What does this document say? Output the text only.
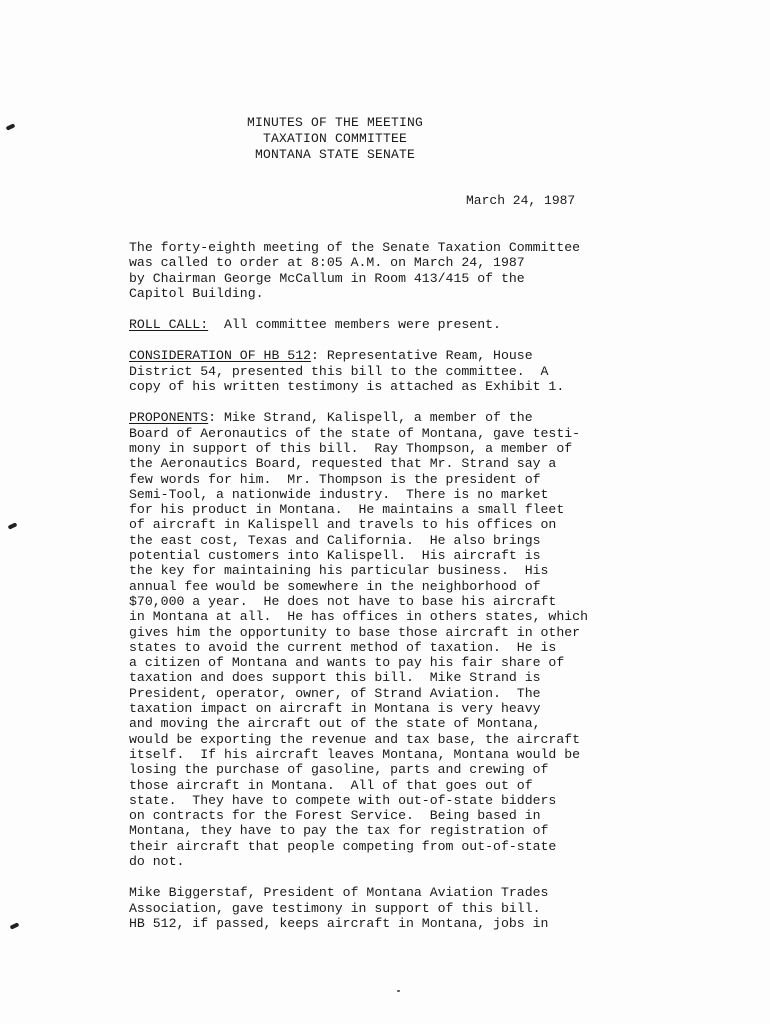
MINUTES OF THE MEETING
TAXATION COMMITTEE
MONTANA STATE SENATE
March 24, 1987
The forty-eighth meeting of the Senate Taxation Committee
was called to order at 8:05 A.M. on March 24, 1987
by Chairman George McCallum in Room 413/415 of the
Capitol Building.
ROLL CALL:  All committee members were present.
CONSIDERATION OF HB 512: Representative Ream, House
District 54, presented this bill to the committee.  A
copy of his written testimony is attached as Exhibit 1.
PROPONENTS: Mike Strand, Kalispell, a member of the
Board of Aeronautics of the state of Montana, gave testi-
mony in support of this bill.  Ray Thompson, a member of
the Aeronautics Board, requested that Mr. Strand say a
few words for him.  Mr. Thompson is the president of
Semi-Tool, a nationwide industry.  There is no market
for his product in Montana.  He maintains a small fleet
of aircraft in Kalispell and travels to his offices on
the east cost, Texas and California.  He also brings
potential customers into Kalispell.  His aircraft is
the key for maintaining his particular business.  His
annual fee would be somewhere in the neighborhood of
$70,000 a year.  He does not have to base his aircraft
in Montana at all.  He has offices in others states, which
gives him the opportunity to base those aircraft in other
states to avoid the current method of taxation.  He is
a citizen of Montana and wants to pay his fair share of
taxation and does support this bill.  Mike Strand is
President, operator, owner, of Strand Aviation.  The
taxation impact on aircraft in Montana is very heavy
and moving the aircraft out of the state of Montana,
would be exporting the revenue and tax base, the aircraft
itself.  If his aircraft leaves Montana, Montana would be
losing the purchase of gasoline, parts and crewing of
those aircraft in Montana.  All of that goes out of
state.  They have to compete with out-of-state bidders
on contracts for the Forest Service.  Being based in
Montana, they have to pay the tax for registration of
their aircraft that people competing from out-of-state
do not.
Mike Biggerstaf, President of Montana Aviation Trades
Association, gave testimony in support of this bill.
HB 512, if passed, keeps aircraft in Montana, jobs in
